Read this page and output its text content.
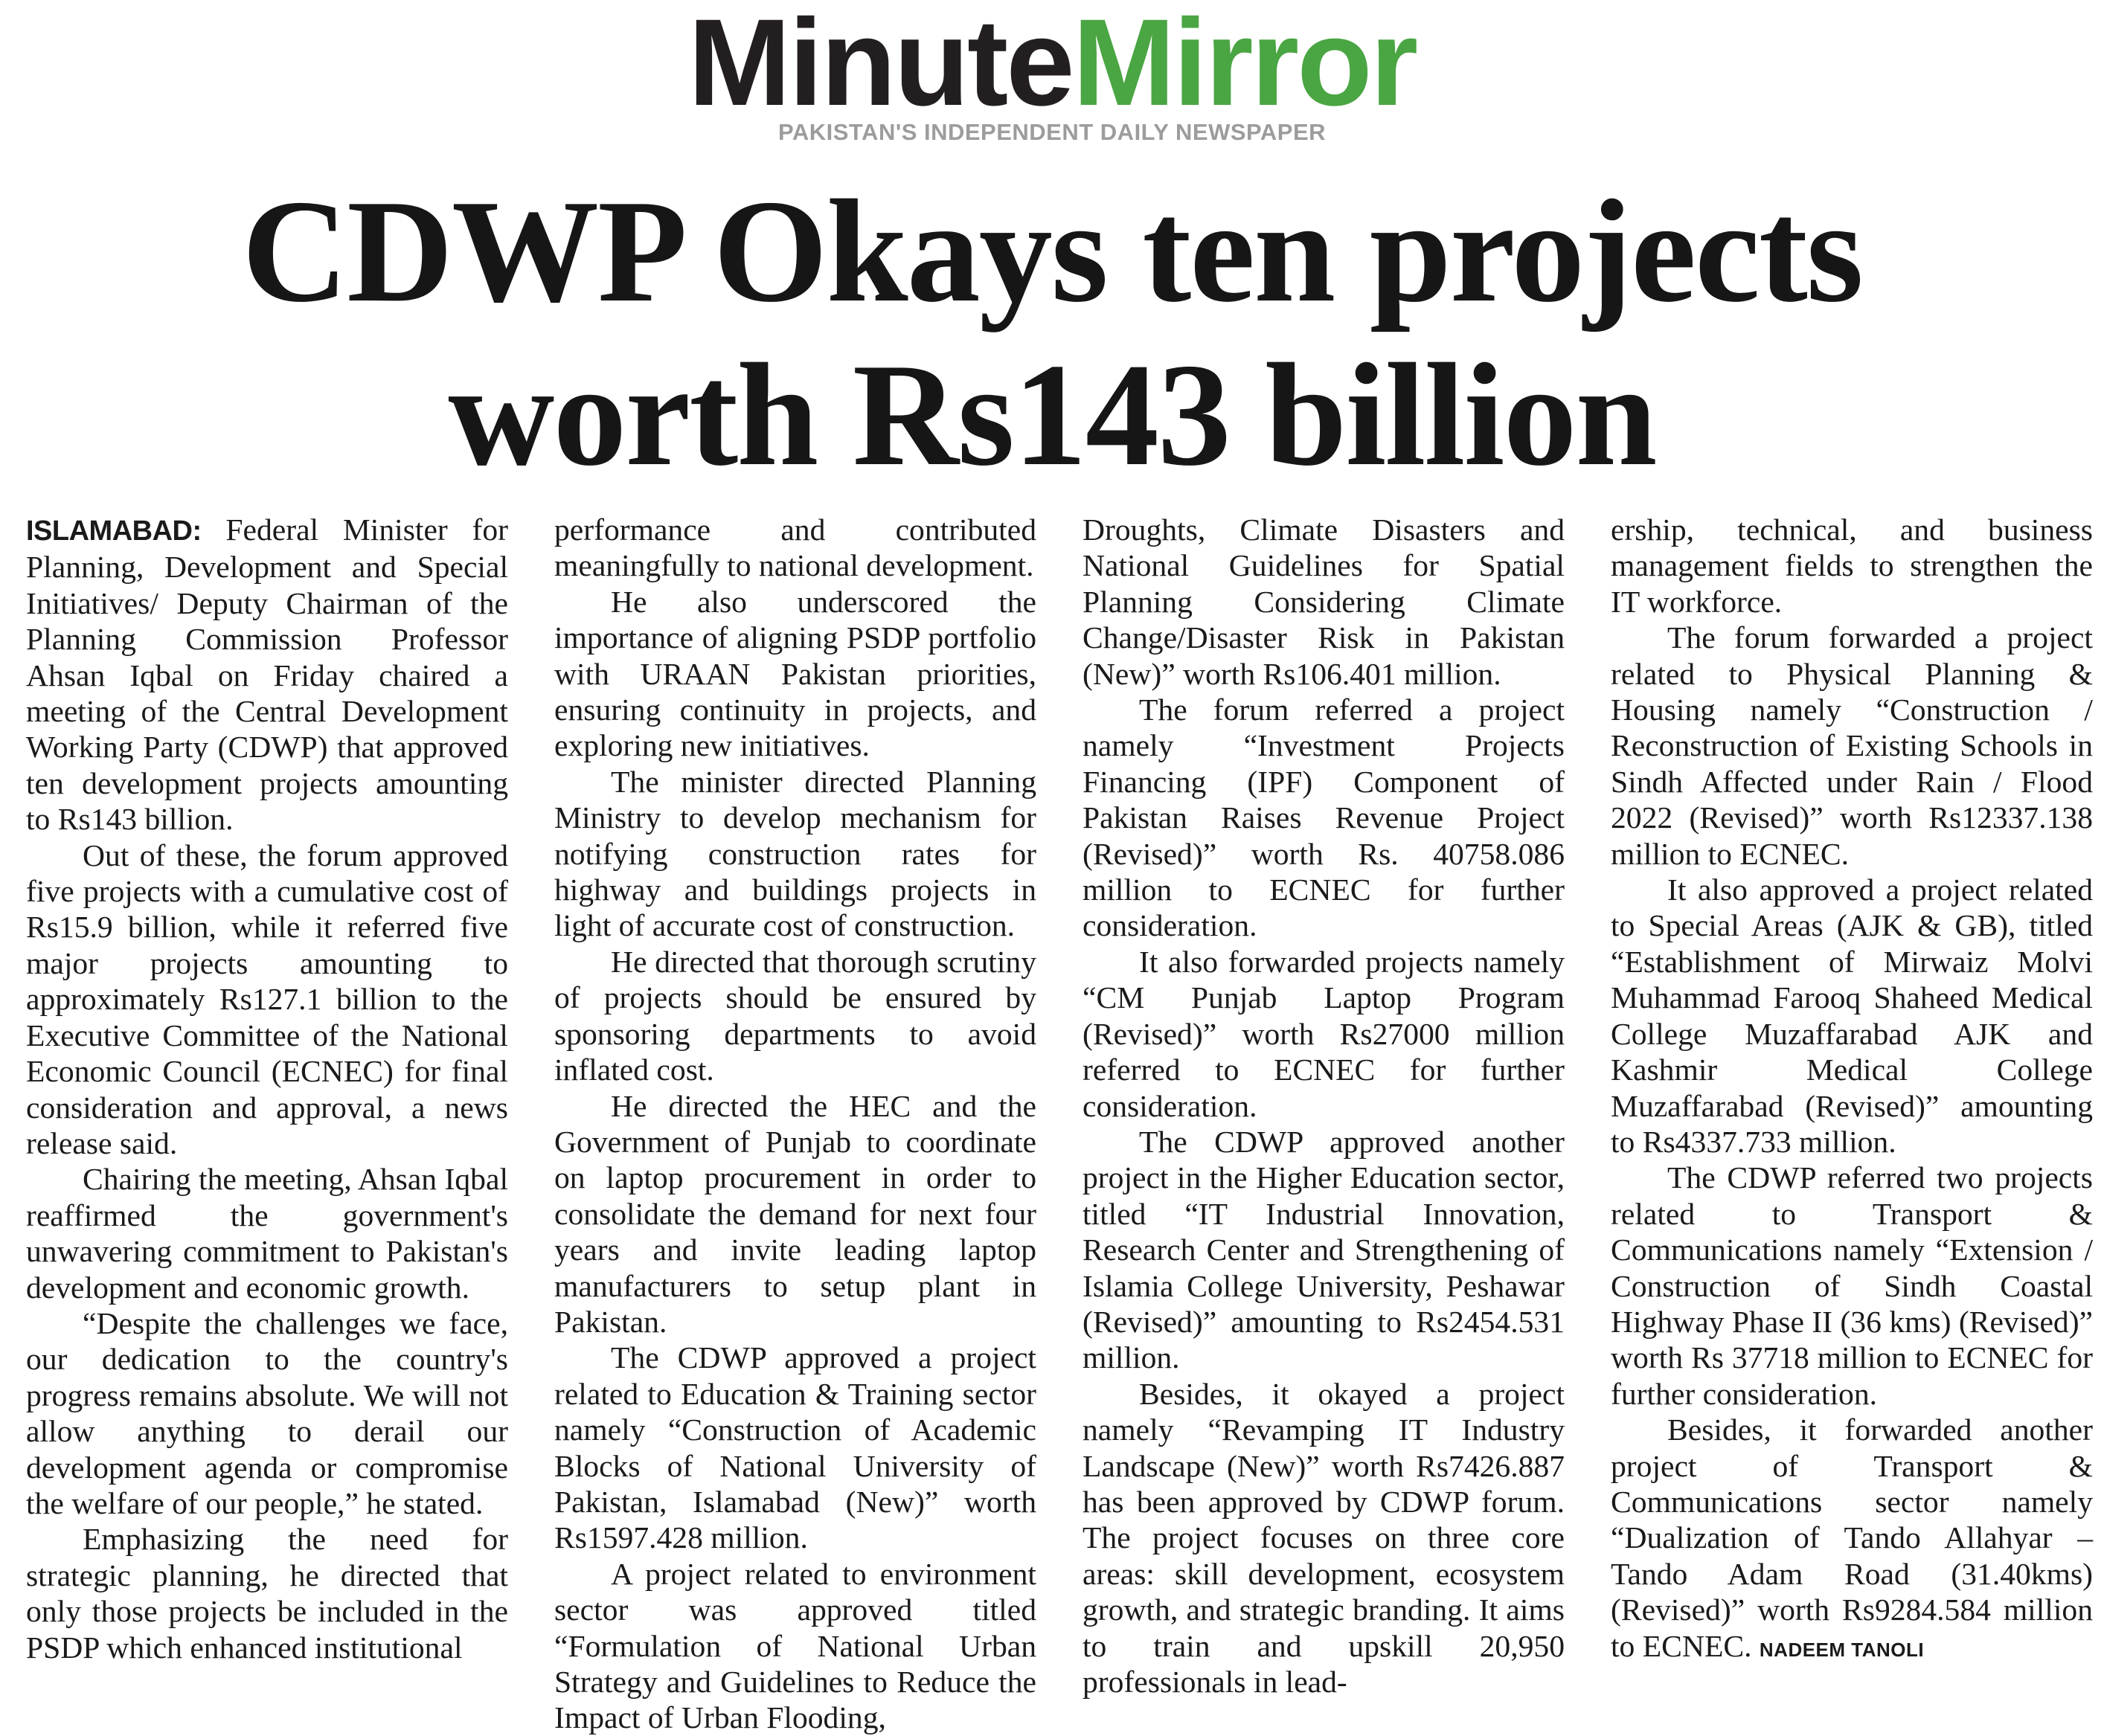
MinuteMirror
PAKISTAN'S INDEPENDENT DAILY NEWSPAPER
CDWP Okays ten projects
worth Rs143 billion

ISLAMABAD: Federal Minister for Planning, Development and Special Initiatives/ Deputy Chairman of the Planning Commission Professor Ahsan Iqbal on Friday chaired a meeting of the Central Development Working Party (CDWP) that approved ten development projects amounting to Rs143 billion.

Out of these, the forum approved five projects with a cumulative cost of Rs15.9 billion, while it referred five major projects amounting to approximately Rs127.1 billion to the Executive Committee of the National Economic Council (ECNEC) for final consideration and approval, a news release said.

Chairing the meeting, Ahsan Iqbal reaffirmed the government's unwavering commitment to Pakistan's development and economic growth.

“Despite the challenges we face, our dedication to the country's progress remains absolute. We will not allow anything to derail our development agenda or compromise the welfare of our people,” he stated.

Emphasizing the need for strategic planning, he directed that only those projects be included in the PSDP which enhanced institutional

performance and contributed meaningfully to national development.

He also underscored the importance of aligning PSDP portfolio with URAAN Pakistan priorities, ensuring continuity in projects, and exploring new initiatives.

The minister directed Planning Ministry to develop mechanism for notifying construction rates for highway and buildings projects in light of accurate cost of construction.

He directed that thorough scrutiny of projects should be ensured by sponsoring departments to avoid inflated cost.

He directed the HEC and the Government of Punjab to coordinate on laptop procurement in order to consolidate the demand for next four years and invite leading laptop manufacturers to setup plant in Pakistan.

The CDWP approved a project related to Education & Training sector namely “Construction of Academic Blocks of National University of Pakistan, Islamabad (New)” worth Rs1597.428 million.

A project related to environment sector was approved titled “Formulation of National Urban Strategy and Guidelines to Reduce the Impact of Urban Flooding,

Droughts, Climate Disasters and National Guidelines for Spatial Planning Considering Climate Change/Disaster Risk in Pakistan (New)” worth Rs106.401 million.

The forum referred a project namely “Investment Projects Financing (IPF) Component of Pakistan Raises Revenue Project (Revised)” worth Rs. 40758.086 million to ECNEC for further consideration.

It also forwarded projects namely “CM Punjab Laptop Program (Revised)” worth Rs27000 million referred to ECNEC for further consideration.

The CDWP approved another project in the Higher Education sector, titled “IT Industrial Innovation, Research Center and Strengthening of Islamia College University, Peshawar (Revised)” amounting to Rs2454.531 million.

Besides, it okayed a project namely “Revamping IT Industry Landscape (New)” worth Rs7426.887 has been approved by CDWP forum. The project focuses on three core areas: skill development, ecosystem growth, and strategic branding. It aims to train and upskill 20,950 professionals in lead-

ership, technical, and business management fields to strengthen the IT workforce.

The forum forwarded a project related to Physical Planning & Housing namely “Construction / Reconstruction of Existing Schools in Sindh Affected under Rain / Flood 2022 (Revised)” worth Rs12337.138 million to ECNEC.

It also approved a project related to Special Areas (AJK & GB), titled “Establishment of Mirwaiz Molvi Muhammad Farooq Shaheed Medical College Muzaffarabad AJK and Kashmir Medical College Muzaffarabad (Revised)” amounting to Rs4337.733 million.

The CDWP referred two projects related to Transport & Communications namely “Extension / Construction of Sindh Coastal Highway Phase II (36 kms) (Revised)” worth Rs 37718 million to ECNEC for further consideration.

Besides, it forwarded another project of Transport & Communications sector namely “Dualization of Tando Allahyar – Tando Adam Road (31.40kms) (Revised)” worth Rs9284.584 million to ECNEC. NADEEM TANOLI
